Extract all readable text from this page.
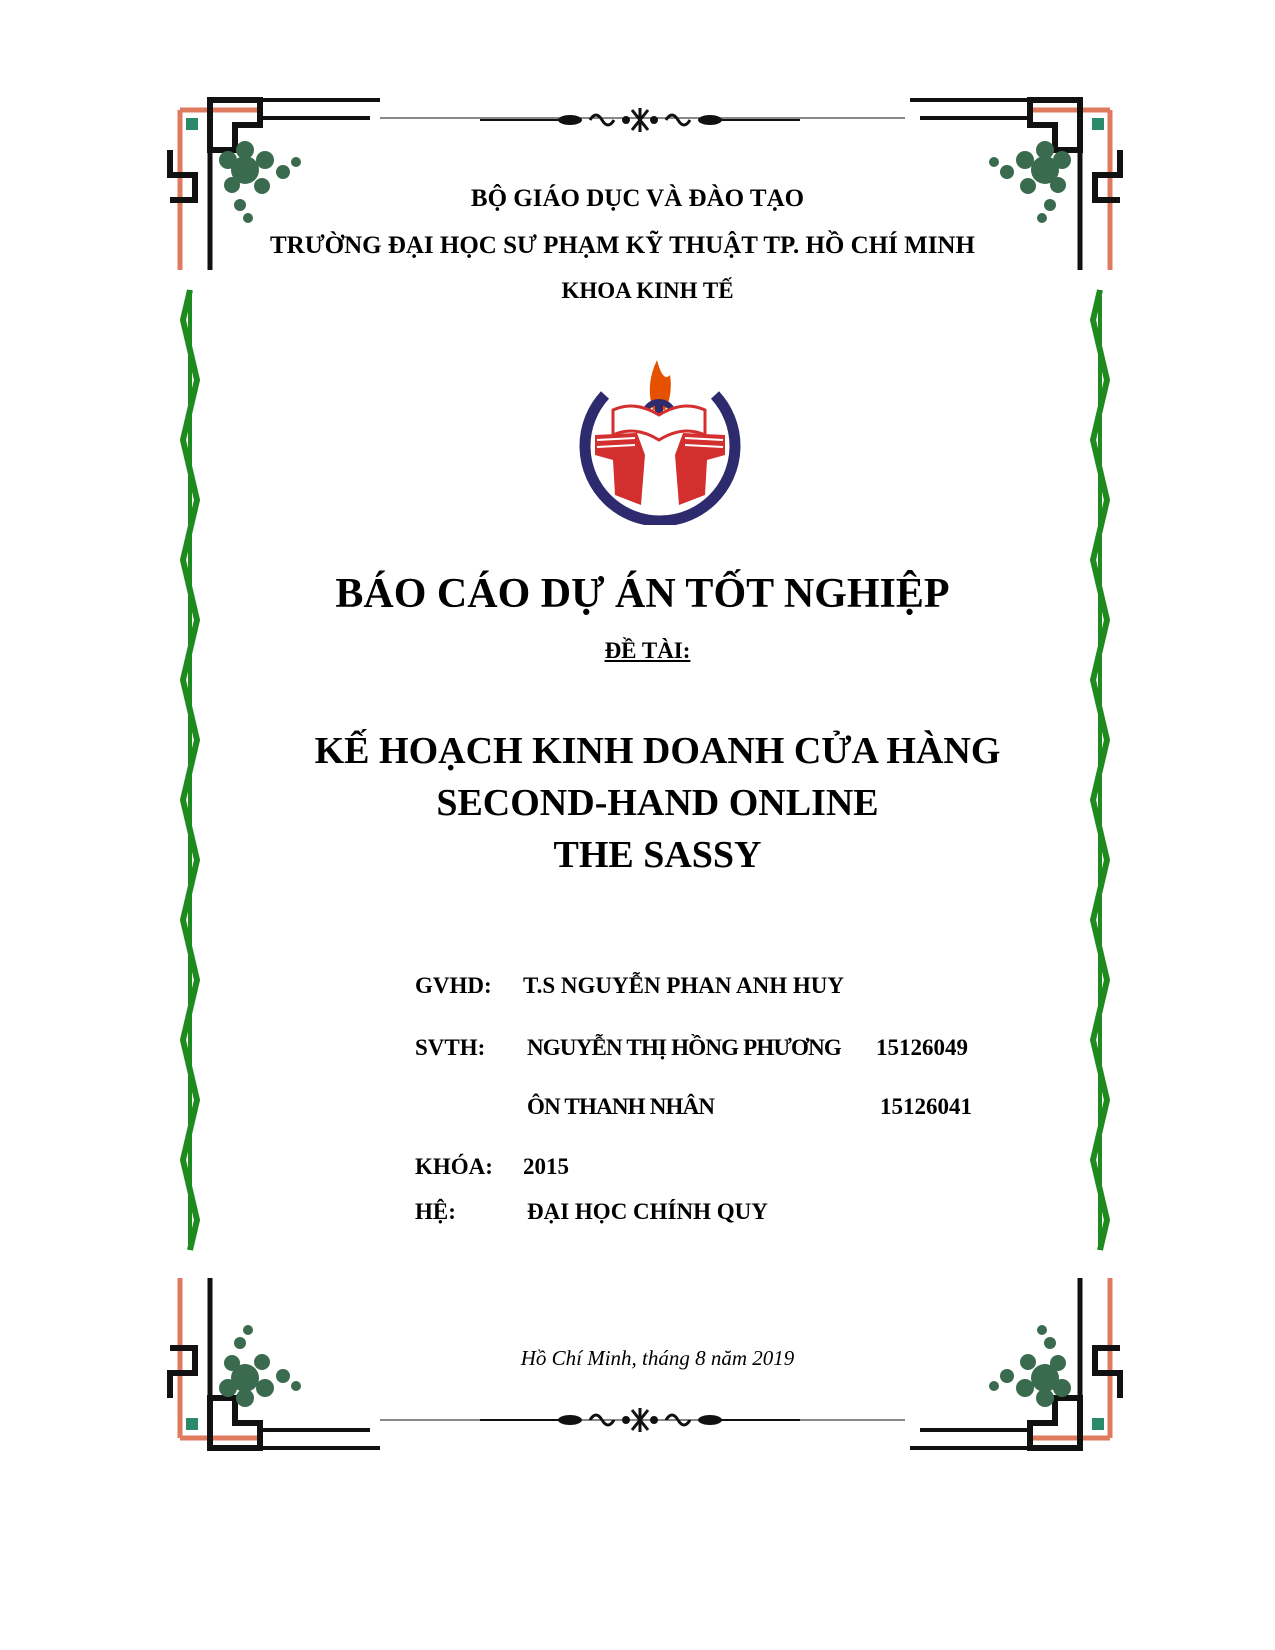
BỘ GIÁO DỤC VÀ ĐÀO TẠO
TRƯỜNG ĐẠI HỌC SƯ PHẠM KỸ THUẬT TP. HỒ CHÍ MINH
KHOA KINH TẾ
BÁO CÁO DỰ ÁN TỐT NGHIỆP
ĐỀ TÀI:
KẾ HOẠCH KINH DOANH CỬA HÀNG
SECOND-HAND ONLINE
THE SASSY
GVHD: T.S NGUYỄN PHAN ANH HUY
SVTH: NGUYỄN THỊ HỒNG PHƯƠNG 15126049
ÔN THANH NHÂN	15126041
KHÓA: 2015
HỆ:	ĐẠI HỌC CHÍNH QUY
Hồ Chí Minh, tháng 8 năm 2019
